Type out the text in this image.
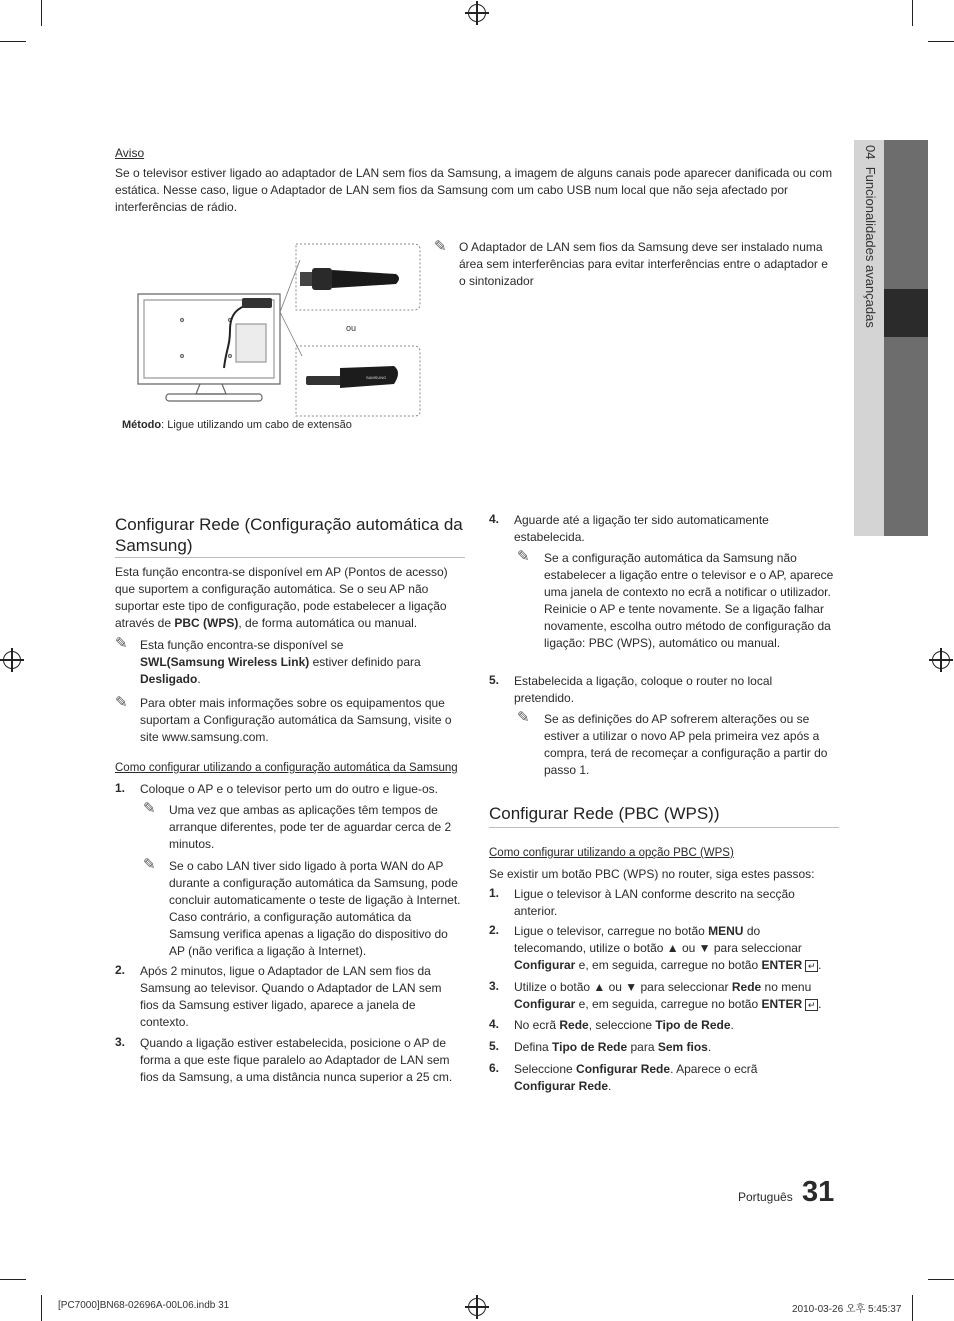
04  Funcionalidades avançadas
Aviso
Se o televisor estiver ligado ao adaptador de LAN sem fios da Samsung, a imagem de alguns canais pode aparecer danificada ou com estática. Nesse caso, ligue o Adaptador de LAN sem fios da Samsung com um cabo USB num local que não seja afectado por interferências de rádio.
ou
SAMSUNG
Método: Ligue utilizando um cabo de extensão
✎ O Adaptador de LAN sem fios da Samsung deve ser instalado numa área sem interferências para evitar interferências entre o adaptador e o sintonizador
Configurar Rede (Configuração automática da Samsung)
Esta função encontra-se disponível em AP (Pontos de acesso) que suportem a configuração automática. Se o seu AP não suportar este tipo de configuração, pode estabelecer a ligação através de PBC (WPS), de forma automática ou manual.
✎ Esta função encontra-se disponível se
SWL(Samsung Wireless Link) estiver definido para
Desligado.
✎ Para obter mais informações sobre os equipamentos que suportam a Configuração automática da Samsung, visite o site www.samsung.com.
Como configurar utilizando a configuração automática da Samsung
1. Coloque o AP e o televisor perto um do outro e ligue-os.
✎ Uma vez que ambas as aplicações têm tempos de arranque diferentes, pode ter de aguardar cerca de 2 minutos.
✎ Se o cabo LAN tiver sido ligado à porta WAN do AP durante a configuração automática da Samsung, pode concluir automaticamente o teste de ligação à Internet. Caso contrário, a configuração automática da Samsung verifica apenas a ligação do dispositivo do AP (não verifica a ligação à Internet).
2. Após 2 minutos, ligue o Adaptador de LAN sem fios da Samsung ao televisor. Quando o Adaptador de LAN sem fios da Samsung estiver ligado, aparece a janela de contexto.
3. Quando a ligação estiver estabelecida, posicione o AP de forma a que este fique paralelo ao Adaptador de LAN sem fios da Samsung, a uma distância nunca superior a 25 cm.
4. Aguarde até a ligação ter sido automaticamente estabelecida.
✎ Se a configuração automática da Samsung não estabelecer a ligação entre o televisor e o AP, aparece uma janela de contexto no ecrã a notificar o utilizador. Reinicie o AP e tente novamente. Se a ligação falhar novamente, escolha outro método de configuração da ligação: PBC (WPS), automático ou manual.
5. Estabelecida a ligação, coloque o router no local pretendido.
✎ Se as definições do AP sofrerem alterações ou se estiver a utilizar o novo AP pela primeira vez após a compra, terá de recomeçar a configuração a partir do passo 1.
Configurar Rede (PBC (WPS))
Como configurar utilizando a opção PBC (WPS)
Se existir um botão PBC (WPS) no router, siga estes passos:
1. Ligue o televisor à LAN conforme descrito na secção anterior.
2. Ligue o televisor, carregue no botão MENU do telecomando, utilize o botão ▲ ou ▼ para seleccionar Configurar e, em seguida, carregue no botão ENTER ↵ .
3. Utilize o botão ▲ ou ▼ para seleccionar Rede no menu Configurar e, em seguida, carregue no botão ENTER ↵ .
4. No ecrã Rede, seleccione Tipo de Rede.
5. Defina Tipo de Rede para Sem fios.
6. Seleccione Configurar Rede. Aparece o ecrã
Configurar Rede.
Português 31
[PC7000]BN68-02696A-00L06.indb 31	2010-03-26 오후 5:45:37
